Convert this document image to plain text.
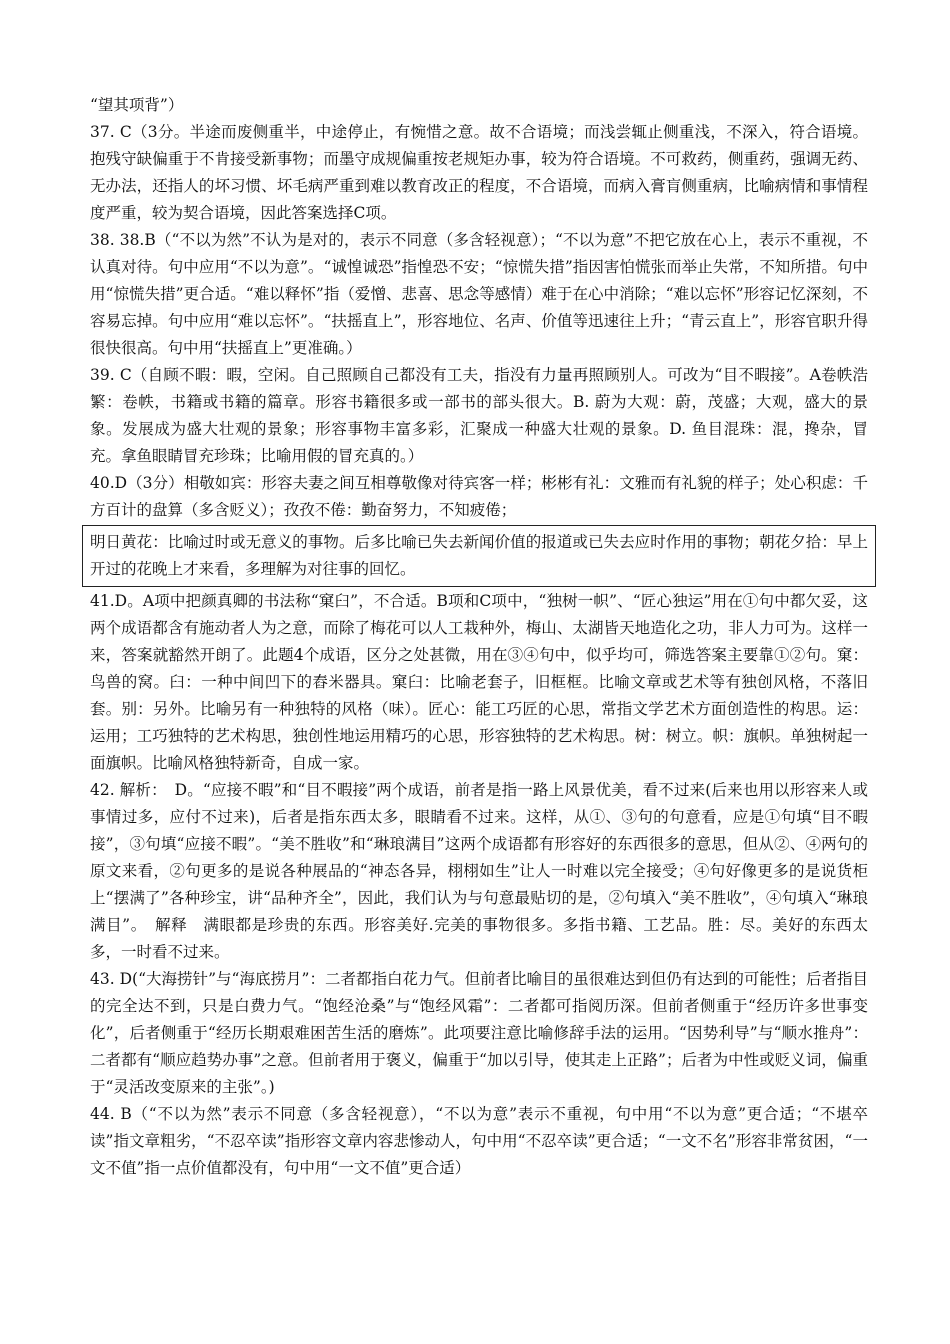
“望其项背”）

37. C（3分。半途而废侧重半，中途停止，有惋惜之意。故不合语境；而浅尝辄止侧重浅，不深入，符合语境。抱残守缺偏重于不肯接受新事物；而墨守成规偏重按老规矩办事，较为符合语境。不可救药，侧重药，强调无药、无办法，还指人的坏习惯、坏毛病严重到难以教育改正的程度，不合语境，而病入膏肓侧重病，比喻病情和事情程度严重，较为契合语境，因此答案选择C项。

38. 38.B（“不以为然”不认为是对的，表示不同意（多含轻视意）；“不以为意”不把它放在心上，表示不重视，不认真对待。句中应用“不以为意”。“诚惶诚恐”指惶恐不安；“惊慌失措”指因害怕慌张而举止失常，不知所措。句中用“惊慌失措”更合适。“难以释怀”指（爱憎、悲喜、思念等感情）难于在心中消除；“难以忘怀”形容记忆深刻，不容易忘掉。句中应用“难以忘怀”。“扶摇直上”，形容地位、名声、价值等迅速往上升；“青云直上”，形容官职升得很快很高。句中用“扶摇直上”更准确。）

39. C（自顾不暇：暇，空闲。自己照顾自己都没有工夫，指没有力量再照顾别人。可改为“目不暇接”。A卷帙浩繁：卷帙，书籍或书籍的篇章。形容书籍很多或一部书的部头很大。B. 蔚为大观：蔚，茂盛；大观，盛大的景象。发展成为盛大壮观的景象；形容事物丰富多彩，汇聚成一种盛大壮观的景象。D. 鱼目混珠：混，搀杂，冒充。拿鱼眼睛冒充珍珠；比喻用假的冒充真的。）

40.D（3分）相敬如宾：形容夫妻之间互相尊敬像对待宾客一样；彬彬有礼：文雅而有礼貌的样子；处心积虑：千方百计的盘算（多含贬义）；孜孜不倦：勤奋努力，不知疲倦；

明日黄花：比喻过时或无意义的事物。后多比喻已失去新闻价值的报道或已失去应时作用的事物；朝花夕拾：早上开过的花晚上才来看，多理解为对往事的回忆。

41.D。A项中把颜真卿的书法称“窠臼”，不合适。B项和C项中，“独树一帜”、“匠心独运”用在①句中都欠妥，这两个成语都含有施动者人为之意，而除了梅花可以人工栽种外，梅山、太湖皆天地造化之功，非人力可为。这样一来，答案就豁然开朗了。此题4个成语，区分之处甚微，用在③④句中，似乎均可，筛选答案主要靠①②句。窠：鸟兽的窝。臼：一种中间凹下的舂米器具。窠臼：比喻老套子，旧框框。比喻文章或艺术等有独创风格，不落旧套。别：另外。比喻另有一种独特的风格（味）。匠心：能工巧匠的心思，常指文学艺术方面创造性的构思。运：运用；工巧独特的艺术构思，独创性地运用精巧的心思，形容独特的艺术构思。树：树立。帜：旗帜。单独树起一面旗帜。比喻风格独特新奇，自成一家。

42. 解析：　D。“应接不暇”和“目不暇接”两个成语，前者是指一路上风景优美，看不过来(后来也用以形容来人或事情过多，应付不过来)，后者是指东西太多，眼睛看不过来。这样，从①、③句的句意看，应是①句填“目不暇接”，③句填“应接不暇”。“美不胜收”和“琳琅满目”这两个成语都有形容好的东西很多的意思，但从②、④两句的原文来看，②句更多的是说各种展品的“神态各异，栩栩如生”让人一时难以完全接受；④句好像更多的是说货柜上“摆满了”各种珍宝，讲“品种齐全”，因此，我们认为与句意最贴切的是，②句填入“美不胜收”，④句填入“琳琅满目”。　解释　满眼都是珍贵的东西。形容美好.完美的事物很多。多指书籍、工艺品。胜：尽。美好的东西太多，一时看不过来。

43. D(“大海捞针”与“海底捞月”：二者都指白花力气。但前者比喻目的虽很难达到但仍有达到的可能性；后者指目的完全达不到，只是白费力气。“饱经沧桑”与“饱经风霜”：二者都可指阅历深。但前者侧重于“经历许多世事变化”，后者侧重于“经历长期艰难困苦生活的磨炼”。此项要注意比喻修辞手法的运用。“因势利导”与“顺水推舟”：二者都有“顺应趋势办事”之意。但前者用于褒义，偏重于“加以引导，使其走上正路”；后者为中性或贬义词，偏重于“灵活改变原来的主张”。)

44. B（“不以为然”表示不同意（多含轻视意），“不以为意”表示不重视，句中用“不以为意”更合适；“不堪卒读”指文章粗劣，“不忍卒读”指形容文章内容悲惨动人，句中用“不忍卒读”更合适；“一文不名”形容非常贫困，“一文不值”指一点价值都没有，句中用“一文不值”更合适）
